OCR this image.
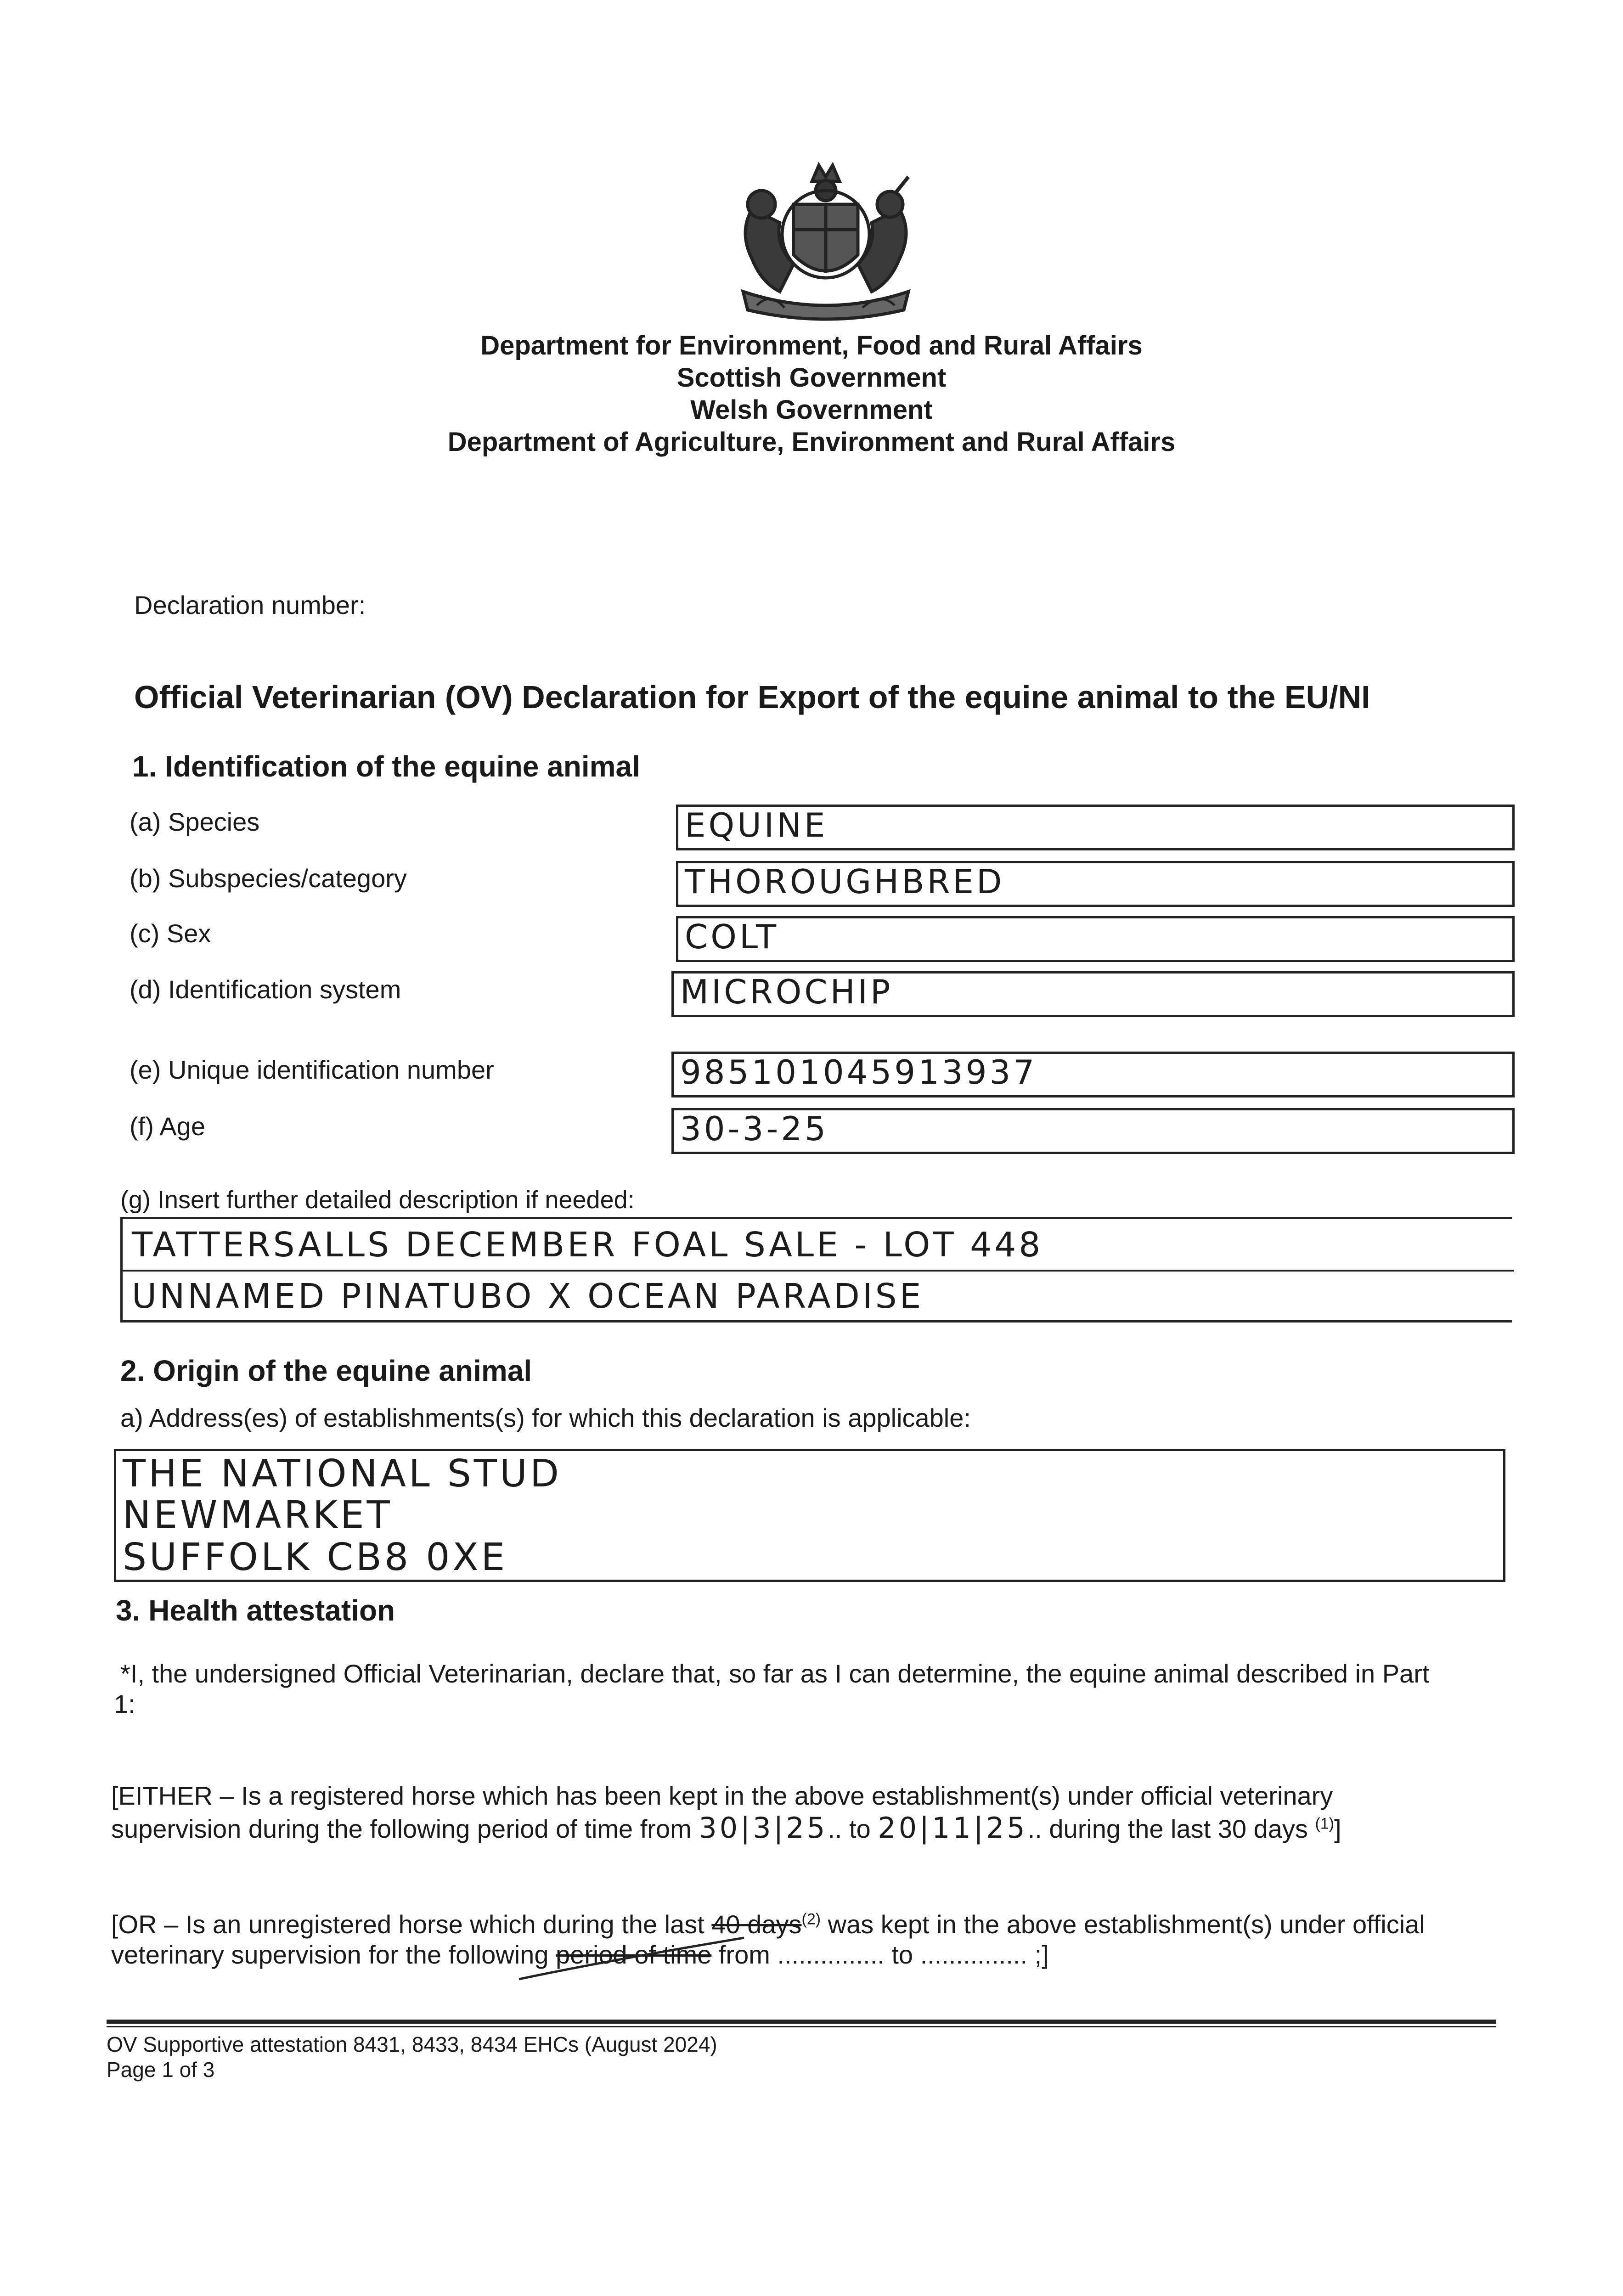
Department for Environment, Food and Rural Affairs
Scottish Government
Welsh Government
Department of Agriculture, Environment and Rural Affairs
Declaration number:
Official Veterinarian (OV) Declaration for Export of the equine animal to the EU/NI
1. Identification of the equine animal
(a) Species	EQUINE
(b) Subspecies/category	THOROUGHBRED
(c) Sex	COLT
(d) Identification system	MICROCHIP
(e) Unique identification number	985101045913937
(f) Age	30-3-25
(g) Insert further detailed description if needed:
TATTERSALLS DECEMBER FOAL SALE - LOT 448
UNNAMED PINATUBO X OCEAN PARADISE
2. Origin of the equine animal
a) Address(es) of establishments(s) for which this declaration is applicable:
THE NATIONAL STUD
NEWMARKET
SUFFOLK CB8 0XE
3. Health attestation
*I, the undersigned Official Veterinarian, declare that, so far as I can determine, the equine animal described in Part
1:
[EITHER – Is a registered horse which has been kept in the above establishment(s) under official veterinary
supervision during the following period of time from 30|3|25.. to 20|11|25.. during the last 30 days $^{(1)}$]
[OR – Is an unregistered horse which during the last 40 days$^{(2)}$ was kept in the above establishment(s) under official
veterinary supervision for the following period of time from ............... to ............... ;]
OV Supportive attestation 8431, 8433, 8434 EHCs (August 2024)
Page 1 of 3
